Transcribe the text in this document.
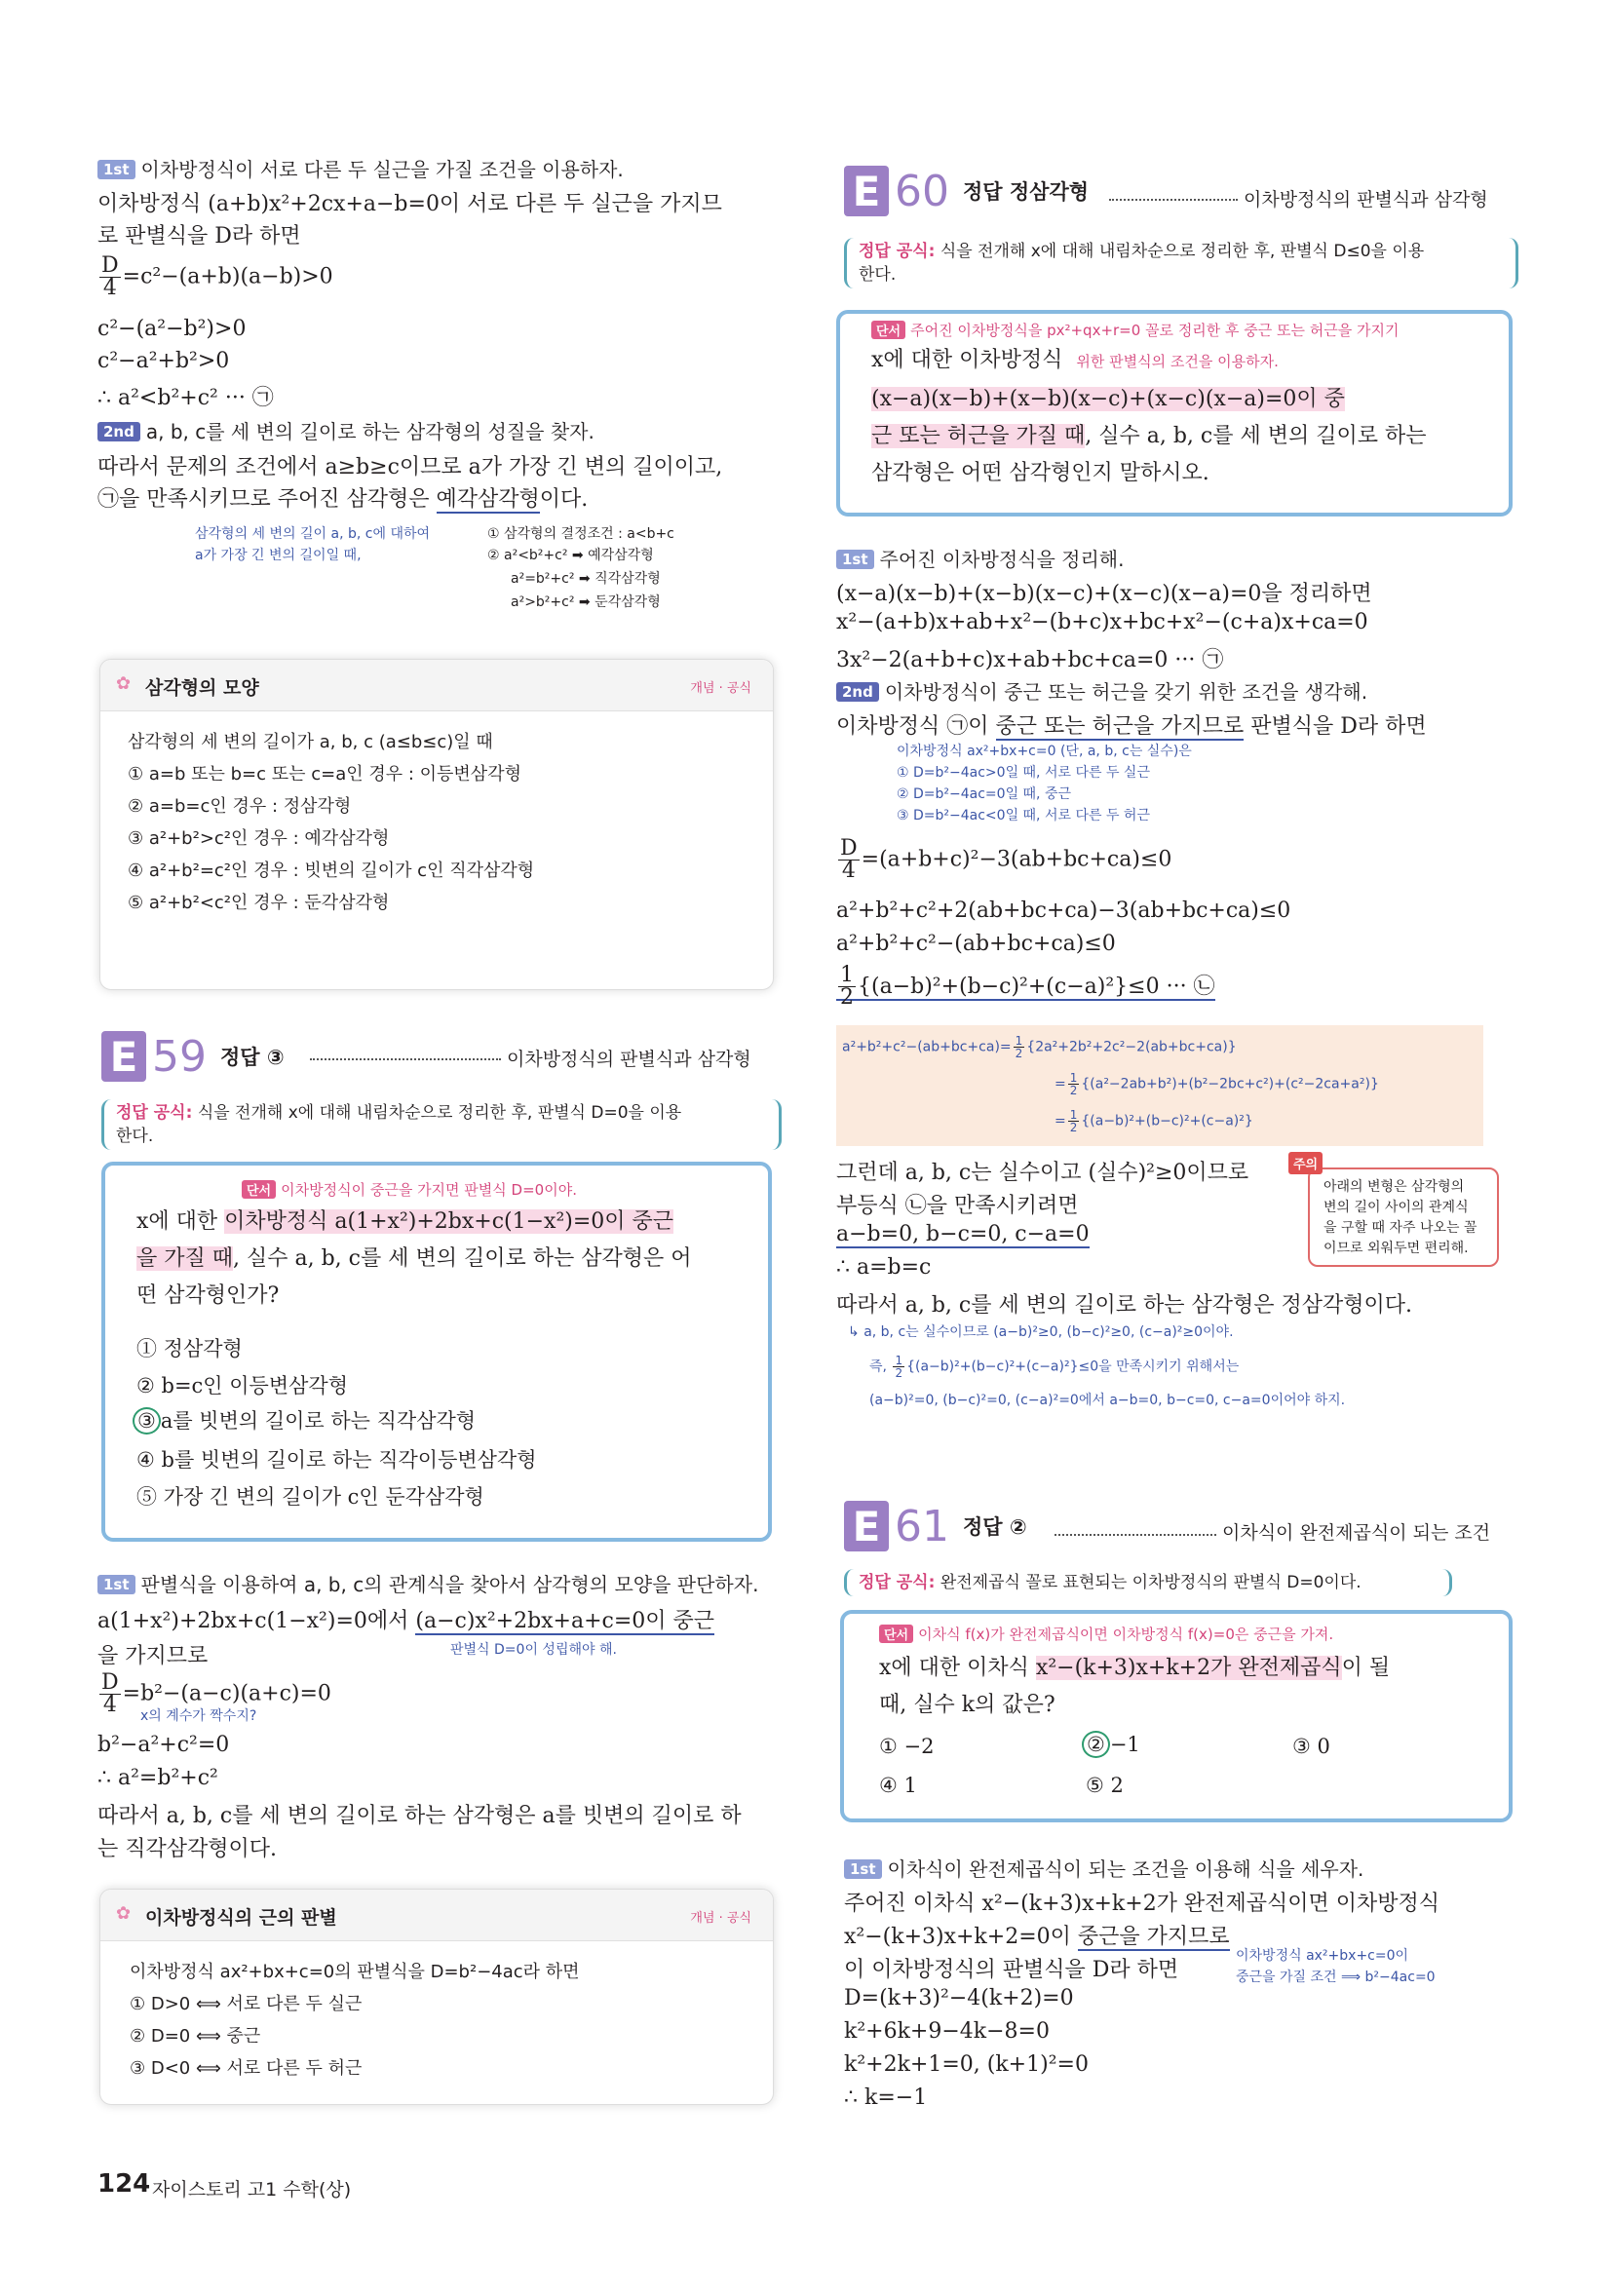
1st 이차방정식이 서로 다른 두 실근을 가질 조건을 이용하자.
이차방정식 (a+b)x²+2cx+a−b=0이 서로 다른 두 실근을 가지므
로 판별식을 D라 하면
$\frac{D}{4} =c^2-(a+b)(a-b)>0$
c²−(a²−b²)>0
c²−a²+b²>0
∴ a²<b²+c² ··· ㉠
2nd a, b, c를 세 변의 길이로 하는 삼각형의 성질을 찾자.
따라서 문제의 조건에서 a≥b≥c이므로 a가 가장 긴 변의 길이이고,
㉠을 만족시키므로 주어진 삼각형은 예각삼각형이다.
삼각형의 세 변의 길이 a, b, c에 대하여
a가 가장 긴 변의 길이일 때,
① 삼각형의 결정조건 : a<b+c
② a²<b²+c² ➡ 예각삼각형
a²=b²+c² ➡ 직각삼각형
a²>b²+c² ➡ 둔각삼각형
✿ 삼각형의 모양	개념 · 공식
삼각형의 세 변의 길이가 a, b, c (a≤b≤c)일 때
① a=b 또는 b=c 또는 c=a인 경우 : 이등변삼각형
② a=b=c인 경우 : 정삼각형
③ a²+b²>c²인 경우 : 예각삼각형
④ a²+b²=c²인 경우 : 빗변의 길이가 c인 직각삼각형
⑤ a²+b²<c²인 경우 : 둔각삼각형
E 59 정답 ③	이차방정식의 판별식과 삼각형
정답 공식: 식을 전개해 x에 대해 내림차순으로 정리한 후, 판별식 D=0을 이용
한다.
단서 이차방정식이 중근을 가지면 판별식 D=0이야.
x에 대한 이차방정식 a(1+x²)+2bx+c(1−x²)=0이 중근
을 가질 때, 실수 a, b, c를 세 변의 길이로 하는 삼각형은 어
떤 삼각형인가?
① 정삼각형
② b=c인 이등변삼각형
③ a를 빗변의 길이로 하는 직각삼각형
④ b를 빗변의 길이로 하는 직각이등변삼각형
⑤ 가장 긴 변의 길이가 c인 둔각삼각형
1st 판별식을 이용하여 a, b, c의 관계식을 찾아서 삼각형의 모양을 판단하자.
a(1+x²)+2bx+c(1−x²)=0에서 (a−c)x²+2bx+a+c=0이 중근
을 가지므로	판별식 D=0이 성립해야 해.
$\frac{D}{4} =b^2-(a-c)(a+c)=0$
x의 계수가 짝수지?
b²−a²+c²=0
∴ a²=b²+c²
따라서 a, b, c를 세 변의 길이로 하는 삼각형은 a를 빗변의 길이로 하
는 직각삼각형이다.
✿ 이차방정식의 근의 판별	개념 · 공식
이차방정식 ax²+bx+c=0의 판별식을 D=b²−4ac라 하면
① D>0 ⟺ 서로 다른 두 실근
② D=0 ⟺ 중근
③ D<0 ⟺ 서로 다른 두 허근
124 자이스토리 고1 수학(상)
E 60 정답 정삼각형	이차방정식의 판별식과 삼각형
정답 공식: 식을 전개해 x에 대해 내림차순으로 정리한 후, 판별식 D≤0을 이용
한다.
단서 주어진 이차방정식을 px²+qx+r=0 꼴로 정리한 후 중근 또는 허근을 가지기
x에 대한 이차방정식 위한 판별식의 조건을 이용하자.
(x−a)(x−b)+(x−b)(x−c)+(x−c)(x−a)=0이 중
근 또는 허근을 가질 때, 실수 a, b, c를 세 변의 길이로 하는
삼각형은 어떤 삼각형인지 말하시오.
1st 주어진 이차방정식을 정리해.
(x−a)(x−b)+(x−b)(x−c)+(x−c)(x−a)=0을 정리하면
x²−(a+b)x+ab+x²−(b+c)x+bc+x²−(c+a)x+ca=0
3x²−2(a+b+c)x+ab+bc+ca=0 ··· ㉠
2nd 이차방정식이 중근 또는 허근을 갖기 위한 조건을 생각해.
이차방정식 ㉠이 중근 또는 허근을 가지므로 판별식을 D라 하면
이차방정식 ax²+bx+c=0 (단, a, b, c는 실수)은
① D=b²−4ac>0일 때, 서로 다른 두 실근
② D=b²−4ac=0일 때, 중근
③ D=b²−4ac<0일 때, 서로 다른 두 허근
$\frac{D}{4} =(a+b+c)^2-3(ab+bc+ca)\le 0$
a²+b²+c²+2(ab+bc+ca)−3(ab+bc+ca)≤0
a²+b²+c²−(ab+bc+ca)≤0
$\frac{1}{2} \{(a-b)^2+(b-c)^2+(c-a)^2\}\le 0$ ··· ㉡
$a^2+b^2+c^2-(ab+bc+ca)= \frac{1}{2} \{2a^2+2b^2+2c^2-2(ab+bc+ca)\}$
= $\frac{1}{2} \{(a^2-2ab+b^2)+(b^2-2bc+c^2)+(c^2-2ca+a^2)\}$
= $\frac{1}{2} \{(a-b)^2+(b-c)^2+(c-a)^2\}$
그런데 a, b, c는 실수이고 (실수)²≥0이므로
부등식 ㉡을 만족시키려면
a−b=0, b−c=0, c−a=0
∴ a=b=c
따라서 a, b, c를 세 변의 길이로 하는 삼각형은 정삼각형이다.
주의
아래의 변형은 삼각형의
변의 길이 사이의 관계식
을 구할 때 자주 나오는 꼴
이므로 외워두면 편리해.
↳ a, b, c는 실수이므로 (a−b)²≥0, (b−c)²≥0, (c−a)²≥0이야.
즉, $\frac{1}{2} \{(a-b)^2+(b-c)^2+(c-a)^2\}\le 0$을 만족시키기 위해서는
(a−b)²=0, (b−c)²=0, (c−a)²=0에서 a−b=0, b−c=0, c−a=0이어야 하지.
E 61 정답 ②	이차식이 완전제곱식이 되는 조건
정답 공식: 완전제곱식 꼴로 표현되는 이차방정식의 판별식 D=0이다.
단서 이차식 f(x)가 완전제곱식이면 이차방정식 f(x)=0은 중근을 가져.
x에 대한 이차식 x²−(k+3)x+k+2가 완전제곱식이 될
때, 실수 k의 값은?
① −2	② −1	③ 0
④ 1	⑤ 2
1st 이차식이 완전제곱식이 되는 조건을 이용해 식을 세우자.
주어진 이차식 x²−(k+3)x+k+2가 완전제곱식이면 이차방정식
x²−(k+3)x+k+2=0이 중근을 가지므로
이 이차방정식의 판별식을 D라 하면
이차방정식 ax²+bx+c=0이
중근을 가질 조건 ⟹ b²−4ac=0
D=(k+3)²−4(k+2)=0
k²+6k+9−4k−8=0
k²+2k+1=0, (k+1)²=0
∴ k=−1
